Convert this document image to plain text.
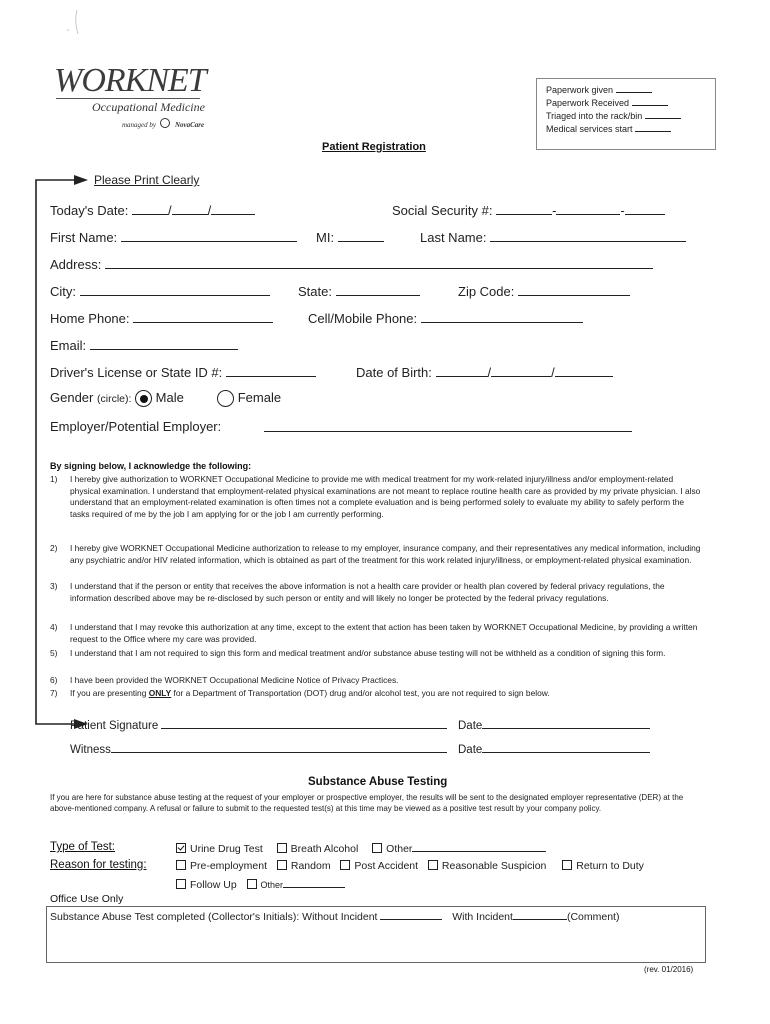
WORKNET
Occupational Medicine
managed by	NovaCare
Paperwork given
Paperwork Received
Triaged into the rack/bin
Medical services start
Patient Registration
Please Print Clearly
Today's Date:	/	/	Social Security #:	-	-
First Name:	MI:	Last Name:
Address:
City:	State:	Zip Code:
Home Phone:	Cell/Mobile Phone:
Email:
Driver's License or State ID #:	Date of Birth:	/	/
Gender (circle): Male	Female
Employer/Potential Employer:
By signing below, I acknowledge the following:
1) I hereby give authorization to WORKNET Occupational Medicine to provide me with medical treatment for my work-related injury/illness and/or employment-related physical examination. I understand that employment-related physical examinations are not meant to replace routine health care as provided by my private physician. I also understand that an employment-related examination is often times not a complete evaluation and is being performed solely to evaluate my ability to safely perform the tasks required of me by the job I am applying for or the job I am currently performing.
2) I hereby give WORKNET Occupational Medicine authorization to release to my employer, insurance company, and their representatives any medical information, including any psychiatric and/or HIV related information, which is obtained as part of the treatment for this work related injury/illness, or employment-related physical examination.
3) I understand that if the person or entity that receives the above information is not a health care provider or health plan covered by federal privacy regulations, the information described above may be re-disclosed by such person or entity and will likely no longer be protected by the federal privacy regulations.
4) I understand that I may revoke this authorization at any time, except to the extent that action has been taken by WORKNET Occupational Medicine, by providing a written request to the Office where my care was provided.
5) I understand that I am not required to sign this form and medical treatment and/or substance abuse testing will not be withheld as a condition of signing this form.
6) I have been provided the WORKNET Occupational Medicine Notice of Privacy Practices.
7) If you are presenting ONLY for a Department of Transportation (DOT) drug and/or alcohol test, you are not required to sign below.
Patient Signature	Date
Witness	Date
Substance Abuse Testing
If you are here for substance abuse testing at the request of your employer or prospective employer, the results will be sent to the designated employer representative (DER) at the above-mentioned company. A refusal or failure to submit to the requested test(s) at this time may be viewed as a positive test result by your company policy.
Type of Test:	Urine Drug Test	Breath Alcohol	Other
Reason for testing:	Pre-employment Random Post Accident Reasonable Suspicion	Return to Duty
Follow Up	Other
Office Use Only
Substance Abuse Test completed (Collector's Initials): Without Incident	With Incident	(Comment)
(rev. 01/2016)
